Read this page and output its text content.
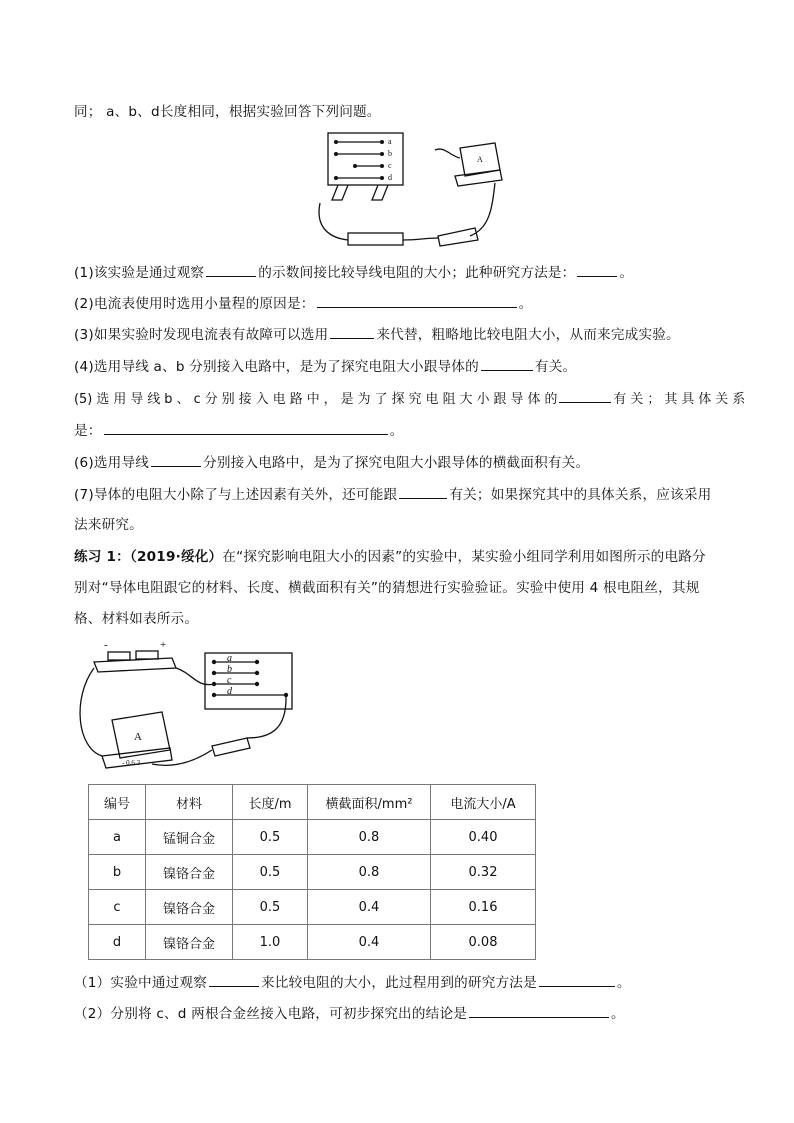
同； a、b、d长度相同，根据实验回答下列问题。
a
b
c
d
A
(1)该实验是通过观察	的示数间接比较导线电阻的大小；此种研究方法是：	。
(2)电流表使用时选用小量程的原因是：	。
(3)如果实验时发现电流表有故障可以选用	来代替，粗略地比较电阻大小，从而来完成实验。
(4)选用导线 a、b 分别接入电路中，是为了探究电阻大小跟导体的	有关。
(5) 选 用 导 线 b 、 c 分 别 接 入 电 路 中 ， 是 为 了 探 究 电 阻 大 小 跟 导 体 的	有 关 ； 其 具 体 关 系
是：	。
(6)选用导线	分别接入电路中，是为了探究电阻大小跟导体的横截面积有关。
(7)导体的电阻大小除了与上述因素有关外，还可能跟	有关；如果探究其中的具体关系，应该采用
法来研究。
练习 1：（2019·绥化）在“探究影响电阻大小的因素”的实验中，某实验小组同学利用如图所示的电路分
别对“导体电阻跟它的材料、长度、横截面积有关”的猜想进行实验验证。实验中使用 4 根电阻丝，其规
格、材料如表所示。
-	+
a
b
c
d
A
- 0.6 3
编号	材料	长度/m	横截面积/mm²	电流大小/A
a	锰铜合金	0.5	0.8	0.40
b	镍铬合金	0.5	0.8	0.32
c	镍铬合金	0.5	0.4	0.16
d	镍铬合金	1.0	0.4	0.08
（1）实验中通过观察	来比较电阻的大小，此过程用到的研究方法是	。
（2）分别将 c、d 两根合金丝接入电路，可初步探究出的结论是	。
